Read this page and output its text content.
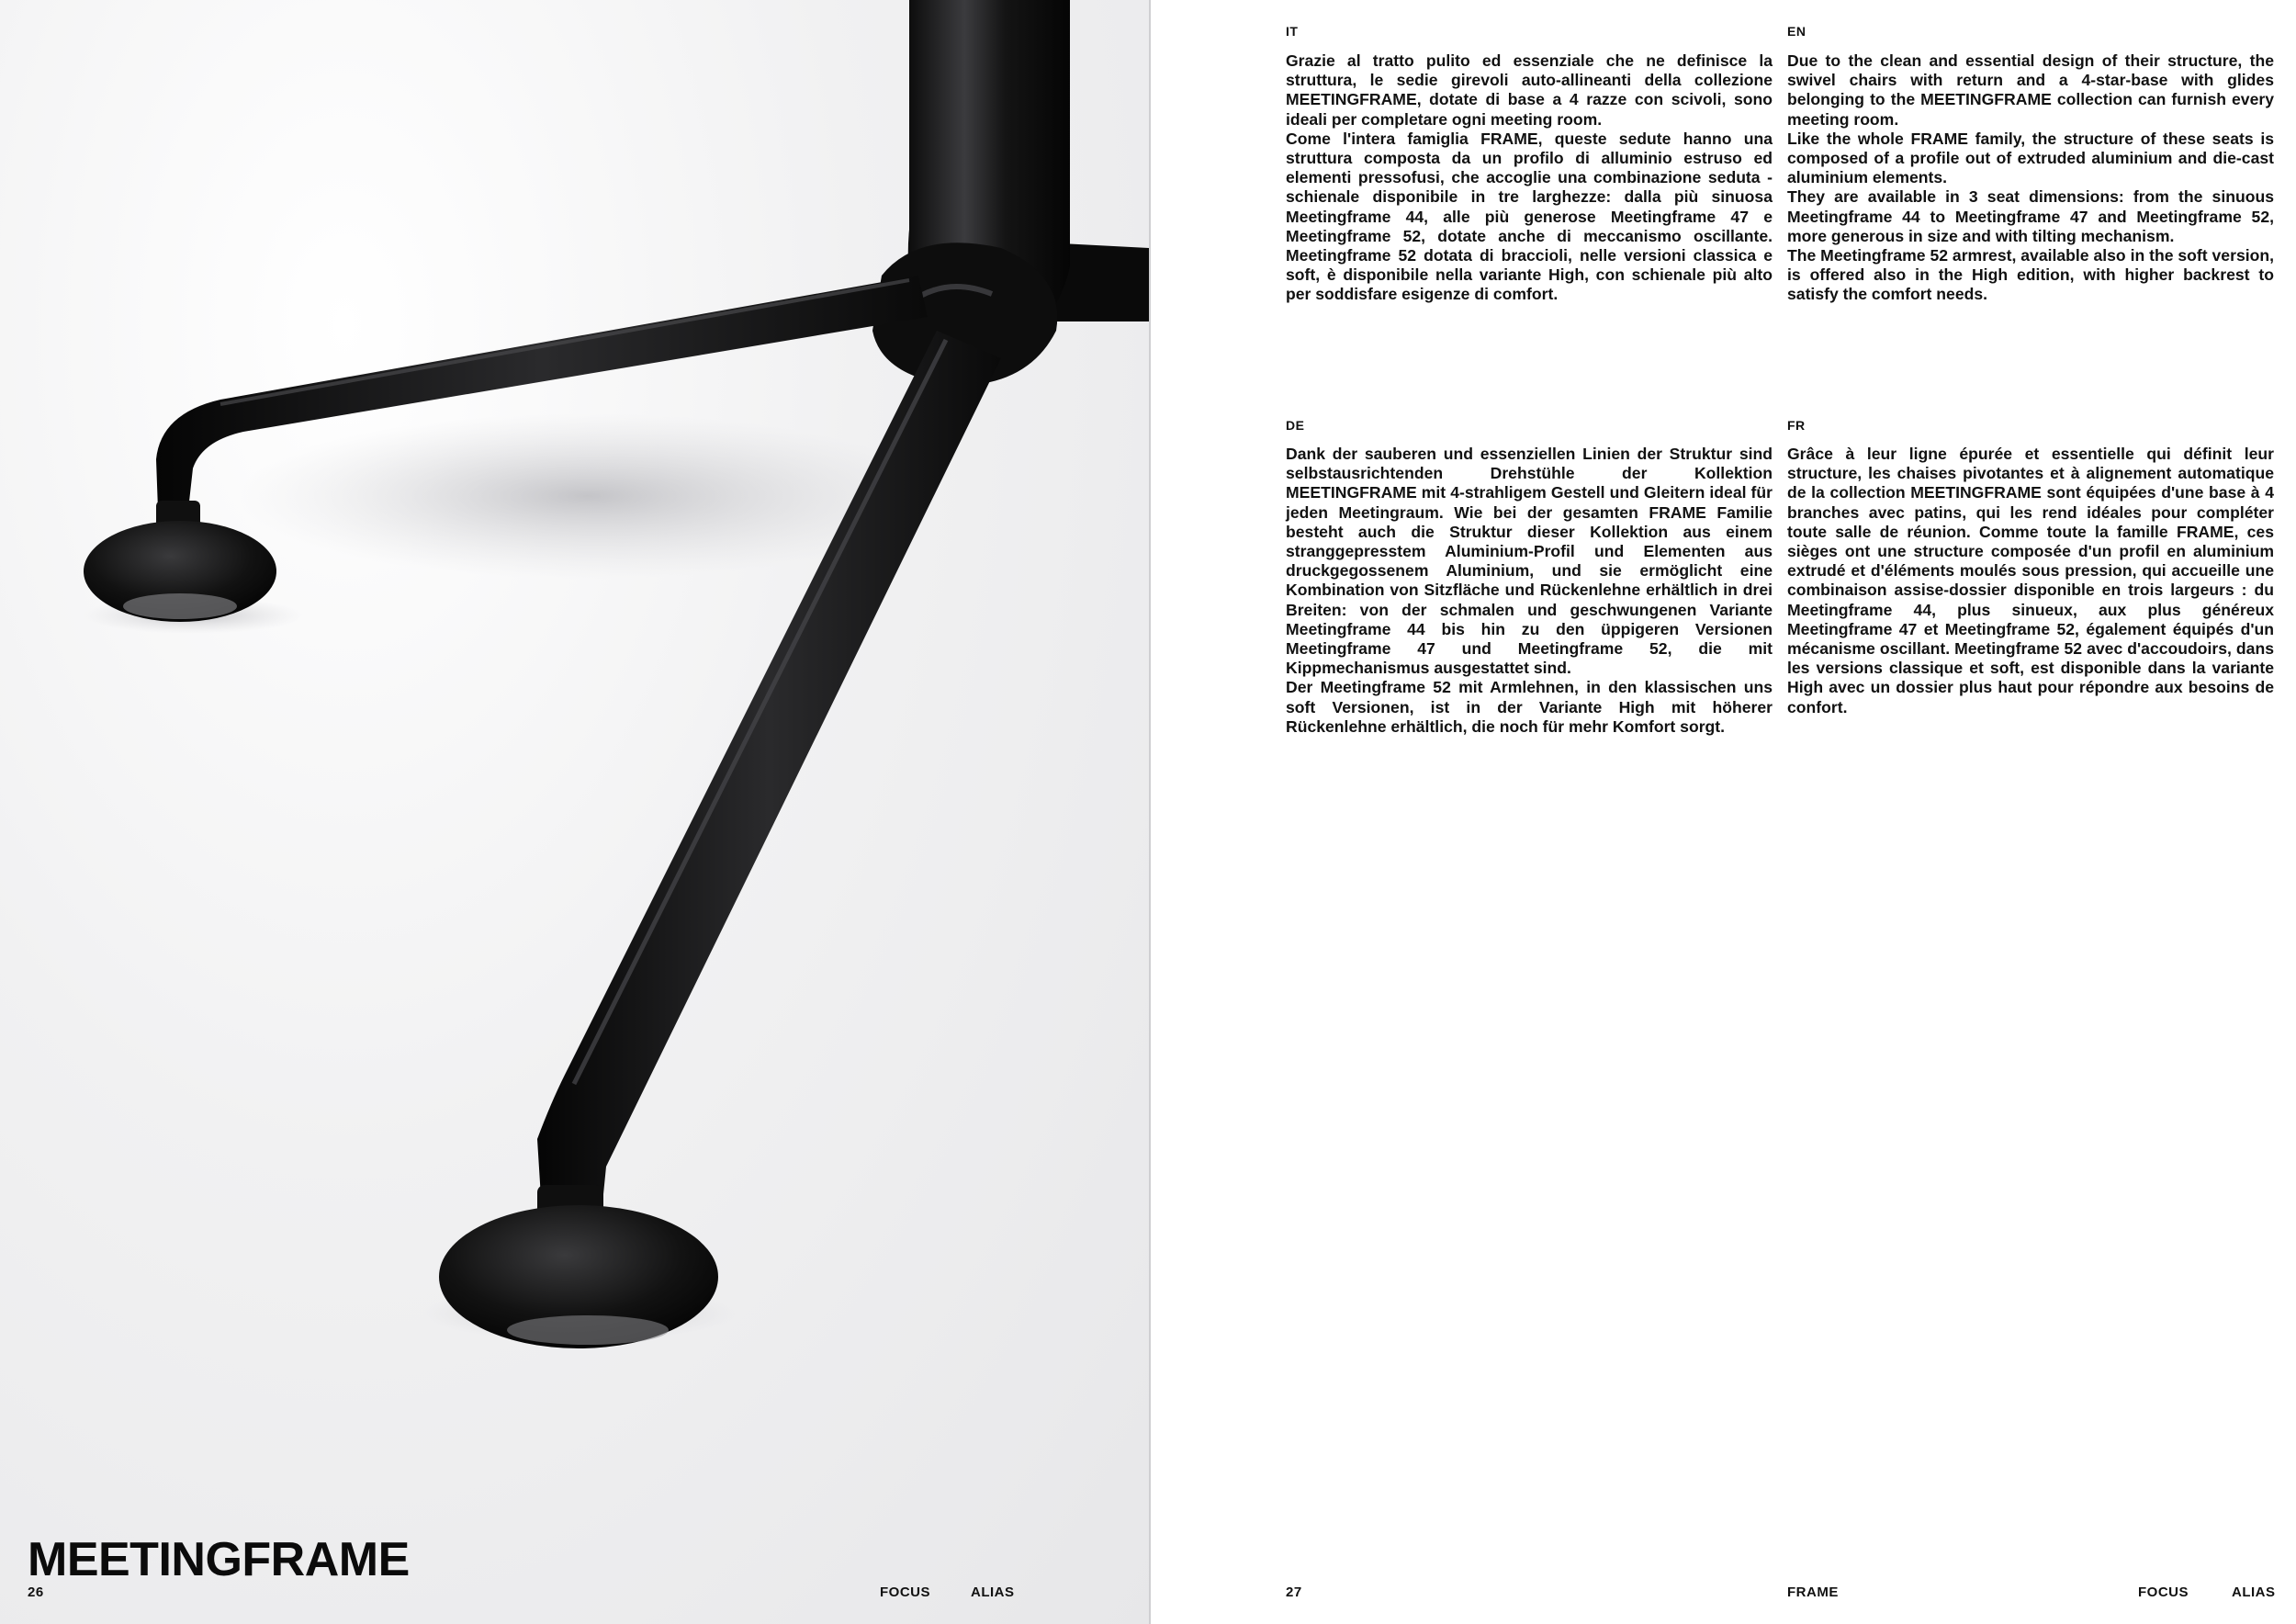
MEETINGFRAME
26	FOCUS	ALIAS	27	FRAME	FOCUS	ALIAS
IT
Grazie al tratto pulito ed essenziale che ne definisce la struttura, le sedie girevoli auto-allineanti della collezione MEETINGFRAME, dotate di base a 4 razze con scivoli, sono ideali per completare ogni meeting room.
Come l'intera famiglia FRAME, queste sedute hanno una struttura composta da un profilo di alluminio estruso ed elementi pressofusi, che accoglie una combinazione seduta - schienale disponibile in tre larghezze: dalla più sinuosa Meetingframe 44, alle più generose Meetingframe 47 e Meetingframe 52, dotate anche di meccanismo oscillante. Meetingframe 52 dotata di braccioli, nelle versioni classica e soft, è disponibile nella variante High, con schienale più alto per soddisfare esigenze di comfort.
EN
Due to the clean and essential design of their structure, the swivel chairs with return and a 4-star-base with glides belonging to the MEETINGFRAME collection can furnish every meeting room.
Like the whole FRAME family, the structure of these seats is composed of a profile out of extruded aluminium and die-cast aluminium elements.
They are available in 3 seat dimensions: from the sinuous Meetingframe 44 to Meetingframe 47 and Meetingframe 52, more generous in size and with tilting mechanism.
The Meetingframe 52 armrest, available also in the soft version, is offered also in the High edition, with higher backrest to satisfy the comfort needs.
DE
Dank der sauberen und essenziellen Linien der Struktur sind selbstausrichtenden Drehstühle der Kollektion MEETINGFRAME mit 4-strahligem Gestell und Gleitern ideal für jeden Meetingraum. Wie bei der gesamten FRAME Familie besteht auch die Struktur dieser Kollektion aus einem stranggepresstem Aluminium-Profil und Elementen aus druckgegossenem Aluminium, und sie ermöglicht eine Kombination von Sitzfläche und Rückenlehne erhältlich in drei Breiten: von der schmalen und geschwungenen Variante Meetingframe 44 bis hin zu den üppigeren Versionen Meetingframe 47 und Meetingframe 52, die mit Kippmechanismus ausgestattet sind.
Der Meetingframe 52 mit Armlehnen, in den klassischen uns soft Versionen, ist in der Variante High mit höherer Rückenlehne erhältlich, die noch für mehr Komfort sorgt.
FR
Grâce à leur ligne épurée et essentielle qui définit leur structure, les chaises pivotantes et à alignement automatique de la collection MEETINGFRAME sont équipées d'une base à 4 branches avec patins, qui les rend idéales pour compléter toute salle de réunion. Comme toute la famille FRAME, ces sièges ont une structure composée d'un profil en aluminium extrudé et d'éléments moulés sous pression, qui accueille une combinaison assise-dossier disponible en trois largeurs : du Meetingframe 44, plus sinueux, aux plus généreux Meetingframe 47 et Meetingframe 52, également équipés d'un mécanisme oscillant. Meetingframe 52 avec d'accoudoirs, dans les versions classique et soft, est disponible dans la variante High avec un dossier plus haut pour répondre aux besoins de confort.
